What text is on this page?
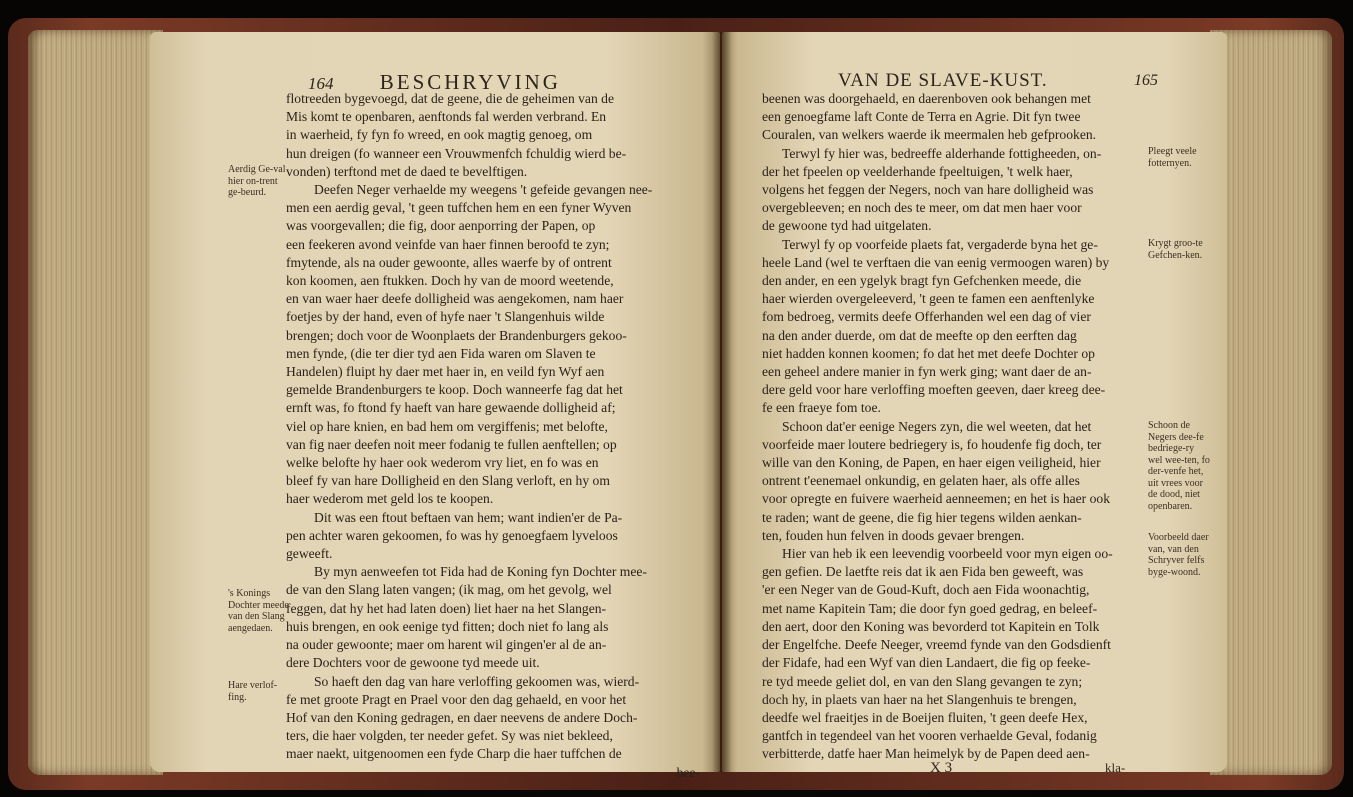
164 BESCHRYVING
flotreeden bygevoegd, dat de geene, die de geheimen van de
Mis komt te openbaren, aenftonds fal werden verbrand. En
in waerheid, fy fyn fo wreed, en ook magtig genoeg, om
hun dreigen (fo wanneer een Vrouwmenfch fchuldig wierd be-
vonden) terftond met de daed te bevelftigen.
Deefen Neger verhaelde my weegens 't gefeide gevangen nee-
men een aerdig geval, 't geen tuffchen hem en een fyner Wyven
was voorgevallen; die fig, door aenporring der Papen, op
een feekeren avond veinfde van haer finnen beroofd te zyn;
fmytende, als na ouder gewoonte, alles waerfe by of ontrent
kon koomen, aen ftukken. Doch hy van de moord weetende,
en van waer haer deefe dolligheid was aengekomen, nam haer
foetjes by der hand, even of hyfe naer 't Slangenhuis wilde
brengen; doch voor de Woonplaets der Brandenburgers gekoo-
men fynde, (die ter dier tyd aen Fida waren om Slaven te
Handelen) fluipt hy daer met haer in, en veild fyn Wyf aen
gemelde Brandenburgers te koop. Doch wanneerfe fag dat het
ernft was, fo ftond fy haeft van hare gewaende dolligheid af;
viel op hare knien, en bad hem om vergiffenis; met belofte,
van fig naer deefen noit meer fodanig te fullen aenftellen; op
welke belofte hy haer ook wederom vry liet, en fo was en
bleef fy van hare Dolligheid en den Slang verloft, en hy om
haer wederom met geld los te koopen.
Dit was een ftout beftaen van hem; want indien'er de Pa-
pen achter waren gekoomen, fo was hy genoegfaem lyveloos
geweeft.
By myn aenweefen tot Fida had de Koning fyn Dochter mee-
de van den Slang laten vangen; (ik mag, om het gevolg, wel
feggen, dat hy het had laten doen) liet haer na het Slangen-
huis brengen, en ook eenige tyd fitten; doch niet fo lang als
na ouder gewoonte; maer om harent wil gingen'er al de an-
dere Dochters voor de gewoone tyd meede uit.
So haeft den dag van hare verloffing gekoomen was, wierd-
fe met groote Pragt en Prael voor den dag gehaeld, en voor het
Hof van den Koning gedragen, en daer neevens de andere Doch-
ters, die haer volgden, ter needer gefet. Sy was niet bekleed,
maer naekt, uitgenoomen een fyde Charp die haer tuffchen de
bee-
Aerdig Ge-val hier on-trent ge-beurd.
's Konings Dochter meede van den Slang aengedaen.
Hare verlof-fing.
VAN DE SLAVE-KUST.	165
beenen was doorgehaeld, en daerenboven ook behangen met
een genoegfame laft Conte de Terra en Agrie. Dit fyn twee
Couralen, van welkers waerde ik meermalen heb gefprooken.
Terwyl fy hier was, bedreeffe alderhande fottigheeden, on-
der het fpeelen op veelderhande fpeeltuigen, 't welk haer,
volgens het feggen der Negers, noch van hare dolligheid was
overgebleeven; en noch des te meer, om dat men haer voor
de gewoone tyd had uitgelaten.
Terwyl fy op voorfeide plaets fat, vergaderde byna het ge-
heele Land (wel te verftaen die van eenig vermoogen waren) by
den ander, en een ygelyk bragt fyn Gefchenken meede, die
haer wierden overgeleeverd, 't geen te famen een aenftenlyke
fom bedroeg, vermits deefe Offerhanden wel een dag of vier
na den ander duerde, om dat de meefte op den eerften dag
niet hadden konnen koomen; fo dat het met deefe Dochter op
een geheel andere manier in fyn werk ging; want daer de an-
dere geld voor hare verloffing moeften geeven, daer kreeg dee-
fe een fraeye fom toe.
Schoon dat'er eenige Negers zyn, die wel weeten, dat het
voorfeide maer loutere bedriegery is, fo houdenfe fig doch, ter
wille van den Koning, de Papen, en haer eigen veiligheid, hier
ontrent t'eenemael onkundig, en gelaten haer, als offe alles
voor opregte en fuivere waerheid aenneemen; en het is haer ook
te raden; want de geene, die fig hier tegens wilden aenkan-
ten, fouden hun felven in doods gevaer brengen.
Hier van heb ik een leevendig voorbeeld voor myn eigen oo-
gen gefien. De laetfte reis dat ik aen Fida ben geweeft, was
'er een Neger van de Goud-Kuft, doch aen Fida woonachtig,
met name Kapitein Tam; die door fyn goed gedrag, en beleef-
den aert, door den Koning was bevorderd tot Kapitein en Tolk
der Engelfche. Deefe Neeger, vreemd fynde van den Godsdienft
der Fidafe, had een Wyf van dien Landaert, die fig op feeke-
re tyd meede geliet dol, en van den Slang gevangen te zyn;
doch hy, in plaets van haer na het Slangenhuis te brengen,
deedfe wel fraeitjes in de Boeijen fluiten, 't geen deefe Hex,
gantfch in tegendeel van het vooren verhaelde Geval, fodanig
verbitterde, datfe haer Man heimelyk by de Papen deed aen-
X 3	kla-
Pleegt veele fotternyen.
Krygt groo-te Gefchen-ken.
Schoon de Negers dee-fe bedriege-ry wel wee-ten, fo der-venfe het, uit vrees voor de dood, niet openbaren.
Voorbeeld daer van, van den Schryver felfs byge-woond.
